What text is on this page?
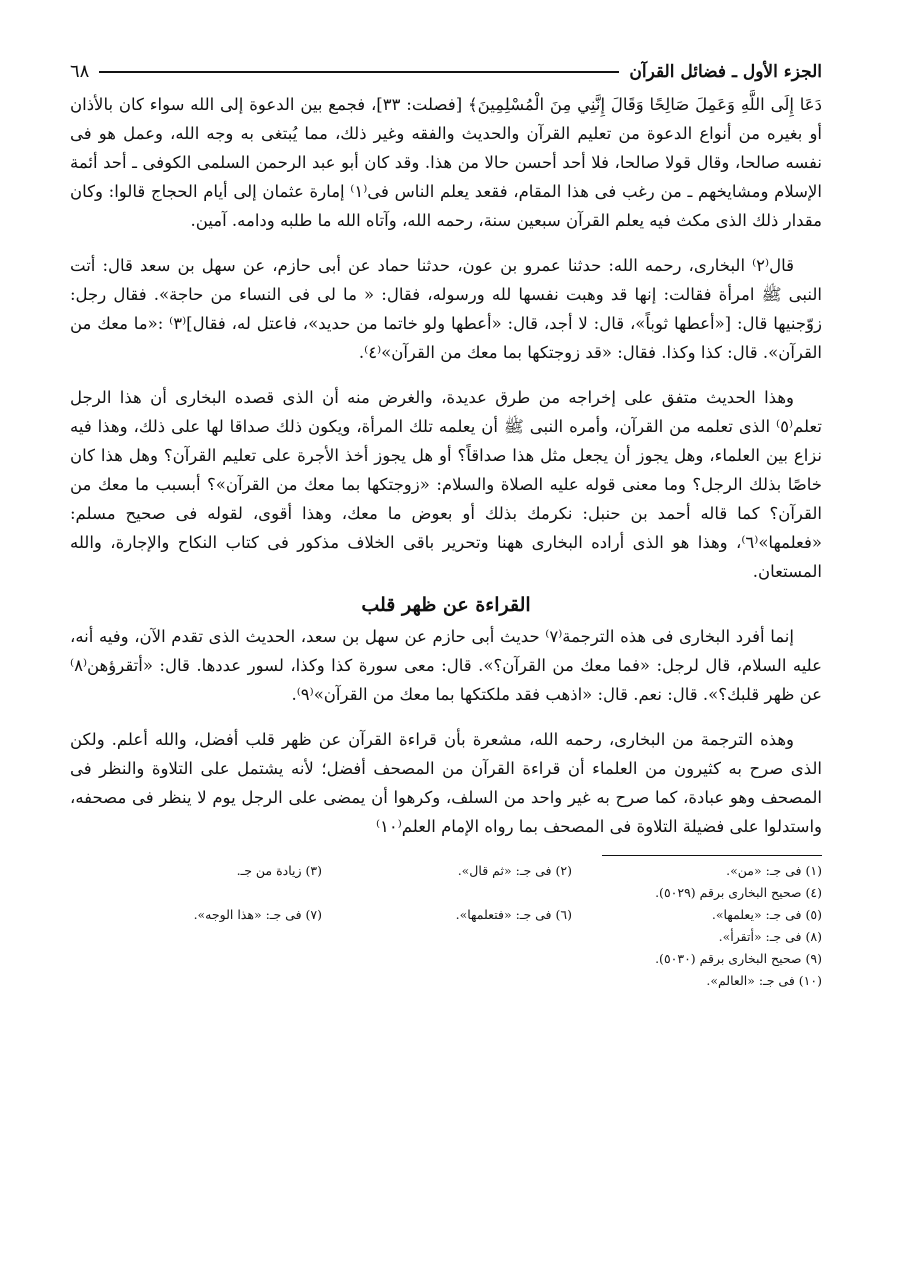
الجزء الأول ـ فضائل القرآن
٦٨

دَعَا إِلَى اللَّهِ وَعَمِلَ صَالِحًا وَقَالَ إِنَّنِي مِنَ الْمُسْلِمِينَ﴾ [فصلت: ٣٣]، فجمع بين الدعوة إلى الله سواء كان بالأذان أو بغيره من أنواع الدعوة من تعليم القرآن والحديث والفقه وغير ذلك، مما يُبتغى به وجه الله، وعمل هو فى نفسه صالحا، وقال قولا صالحا، فلا أحد أحسن حالا من هذا. وقد كان أبو عبد الرحمن السلمى الكوفى ـ أحد أئمة الإسلام ومشايخهم ـ من رغب فى هذا المقام، فقعد يعلم الناس فى⁽١⁾ إمارة عثمان إلى أيام الحجاج قالوا: وكان مقدار ذلك الذى مكث فيه يعلم القرآن سبعين سنة، رحمه الله، وآتاه الله ما طلبه ودامه. آمين.

قال⁽٢⁾ البخارى، رحمه الله: حدثنا عمرو بن عون، حدثنا حماد عن أبى حازم، عن سهل بن سعد قال: أتت النبى ﷺ امرأة فقالت: إنها قد وهبت نفسها لله ورسوله، فقال: « ما لى فى النساء من حاجة». فقال رجل: زوّجنيها قال: [«أعطها ثوباً»، قال: لا أجد، قال: «أعطها ولو خاتما من حديد»، فاعتل له، فقال]⁽٣⁾ :«ما معك من القرآن». قال: كذا وكذا. فقال: «قد زوجتكها بما معك من القرآن»⁽٤⁾.

وهذا الحديث متفق على إخراجه من طرق عديدة، والغرض منه أن الذى قصده البخارى أن هذا الرجل تعلم⁽٥⁾ الذى تعلمه من القرآن، وأمره النبى ﷺ أن يعلمه تلك المرأة، ويكون ذلك صداقا لها على ذلك، وهذا فيه نزاع بين العلماء، وهل يجوز أن يجعل مثل هذا صداقاً؟ أو هل يجوز أخذ الأجرة على تعليم القرآن؟ وهل هذا كان خاصًا بذلك الرجل؟ وما معنى قوله عليه الصلاة والسلام: «زوجتكها بما معك من القرآن»؟ أبسبب ما معك من القرآن؟ كما قاله أحمد بن حنبل: نكرمك بذلك أو بعوض ما معك، وهذا أقوى، لقوله فى صحيح مسلم: «فعلمها»⁽٦⁾، وهذا هو الذى أراده البخارى ههنا وتحرير باقى الخلاف مذكور فى كتاب النكاح والإجارة، والله المستعان.

القراءة عن ظهر قلب

إنما أفرد البخارى فى هذه الترجمة⁽٧⁾ حديث أبى حازم عن سهل بن سعد، الحديث الذى تقدم الآن، وفيه أنه، عليه السلام، قال لرجل: «فما معك من القرآن؟». قال: معى سورة كذا وكذا، لسور عددها. قال: «أتقرؤهن⁽٨⁾ عن ظهر قلبك؟». قال: نعم. قال: «اذهب فقد ملكتكها بما معك من القرآن»⁽٩⁾.

وهذه الترجمة من البخارى، رحمه الله، مشعرة بأن قراءة القرآن عن ظهر قلب أفضل، والله أعلم. ولكن الذى صرح به كثيرون من العلماء أن قراءة القرآن من المصحف أفضل؛ لأنه يشتمل على التلاوة والنظر فى المصحف وهو عبادة، كما صرح به غير واحد من السلف، وكرهوا أن يمضى على الرجل يوم لا ينظر فى مصحفه، واستدلوا على فضيلة التلاوة فى المصحف بما رواه الإمام العلم⁽١٠⁾

(١) فى جـ: «من».
(٢) فى جـ: «ثم قال».
(٣) زيادة من جـ.
(٤) صحيح البخارى برقم (٥٠٢٩).
(٥) فى جـ: «يعلمها».
(٦) فى جـ: «فتعلمها».
(٧) فى جـ: «هذا الوجه».
(٨) فى جـ: «أتقرأ».
(٩) صحيح البخارى برقم (٥٠٣٠).
(١٠) فى جـ: «العالم».
